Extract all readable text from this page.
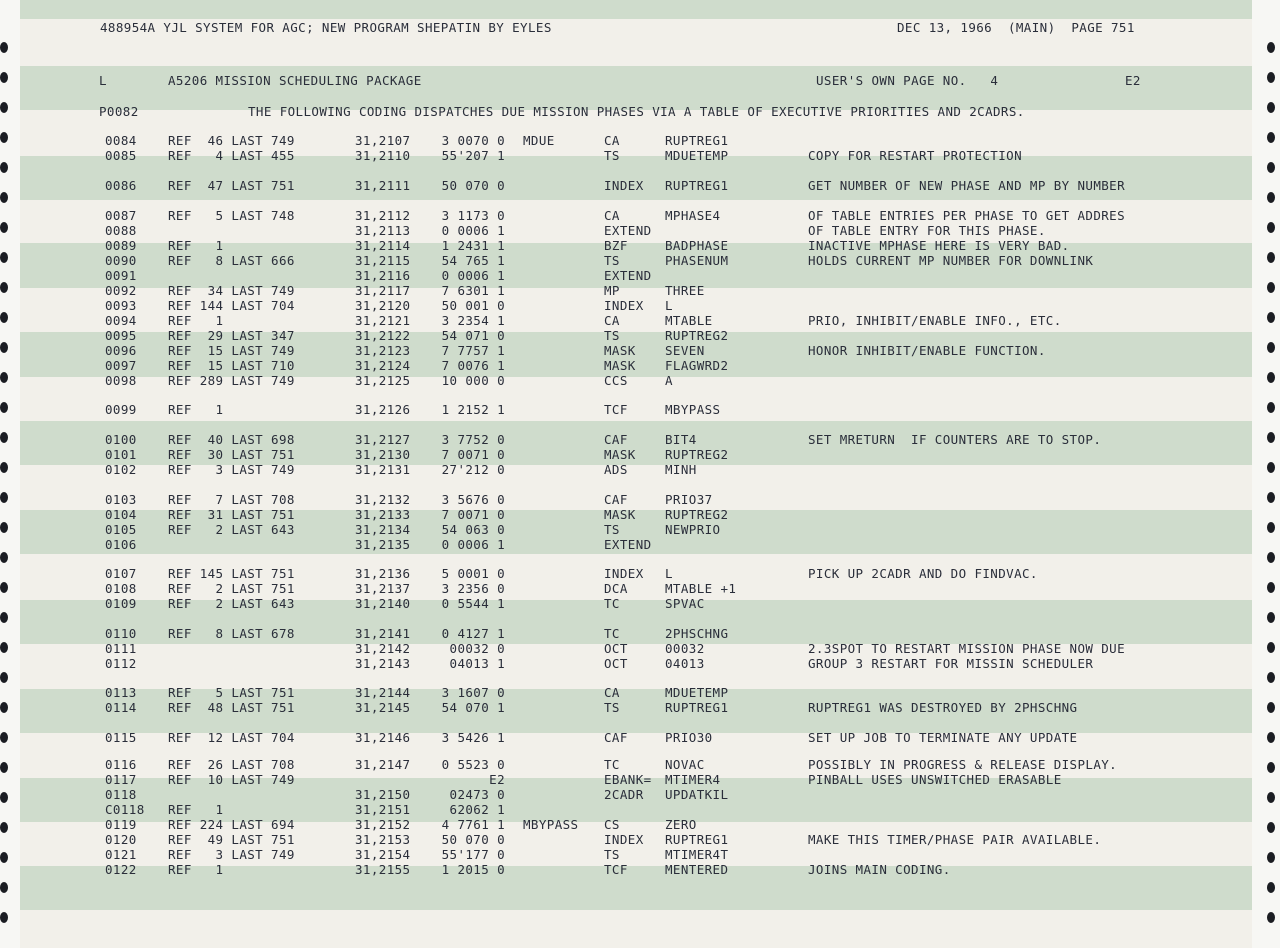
488954A YJL SYSTEM FOR AGC; NEW PROGRAM SHEPATIN BY EYLES	DEC 13, 1966  (MAIN)  PAGE 751
L	A5206 MISSION SCHEDULING PACKAGE	USER'S OWN PAGE NO.   4	E2
P0082	THE FOLLOWING CODING DISPATCHES DUE MISSION PHASES VIA A TABLE OF EXECUTIVE PRIORITIES AND 2CADRS.
0084	REF  46 LAST 749	31,2107 3 0070 0 MDUE	CA	RUPTREG1
0085	REF   4 LAST 455	31,2110 55'207 1	TS	MDUETEMP	COPY FOR RESTART PROTECTION
0086	REF  47 LAST 751	31,2111 50 070 0	INDEX RUPTREG1	GET NUMBER OF NEW PHASE AND MP BY NUMBER
0087	REF   5 LAST 748	31,2112 3 1173 0	CA	MPHASE4	OF TABLE ENTRIES PER PHASE TO GET ADDRES
0088	31,2113 0 0006 1	EXTEND	OF TABLE ENTRY FOR THIS PHASE.
0089	REF   1	31,2114 1 2431 1	BZF	BADPHASE	INACTIVE MPHASE HERE IS VERY BAD.
0090	REF   8 LAST 666	31,2115 54 765 1	TS	PHASENUM	HOLDS CURRENT MP NUMBER FOR DOWNLINK
0091	31,2116 0 0006 1	EXTEND
0092	REF  34 LAST 749	31,2117 7 6301 1	MP	THREE
0093	REF 144 LAST 704	31,2120 50 001 0	INDEX L
0094	REF   1	31,2121 3 2354 1	CA	MTABLE	PRIO, INHIBIT/ENABLE INFO., ETC.
0095	REF  29 LAST 347	31,2122 54 071 0	TS	RUPTREG2
0096	REF  15 LAST 749	31,2123 7 7757 1	MASK SEVEN	HONOR INHIBIT/ENABLE FUNCTION.
0097	REF  15 LAST 710	31,2124 7 0076 1	MASK FLAGWRD2
0098	REF 289 LAST 749	31,2125 10 000 0	CCS	A
0099	REF   1	31,2126 1 2152 1	TCF	MBYPASS
0100	REF  40 LAST 698	31,2127 3 7752 0	CAF	BIT4	SET MRETURN  IF COUNTERS ARE TO STOP.
0101	REF  30 LAST 751	31,2130 7 0071 0	MASK RUPTREG2
0102	REF   3 LAST 749	31,2131 27'212 0	ADS	MINH
0103	REF   7 LAST 708	31,2132 3 5676 0	CAF	PRIO37
0104	REF  31 LAST 751	31,2133 7 0071 0	MASK RUPTREG2
0105	REF   2 LAST 643	31,2134 54 063 0	TS	NEWPRIO
0106	31,2135 0 0006 1	EXTEND
0107	REF 145 LAST 751	31,2136 5 0001 0	INDEX L	PICK UP 2CADR AND DO FINDVAC.
0108	REF   2 LAST 751	31,2137 3 2356 0	DCA	MTABLE +1
0109	REF   2 LAST 643	31,2140 0 5544 1	TC	SPVAC
0110	REF   8 LAST 678	31,2141 0 4127 1	TC	2PHSCHNG
0111	31,2142	00032 0	OCT	00032	2.3SPOT TO RESTART MISSION PHASE NOW DUE
0112	31,2143	04013 1	OCT	04013	GROUP 3 RESTART FOR MISSIN SCHEDULER
0113	REF   5 LAST 751	31,2144 3 1607 0	CA	MDUETEMP
0114	REF  48 LAST 751	31,2145 54 070 1	TS	RUPTREG1	RUPTREG1 WAS DESTROYED BY 2PHSCHNG
0115	REF  12 LAST 704	31,2146 3 5426 1	CAF	PRIO30	SET UP JOB TO TERMINATE ANY UPDATE
0116	REF  26 LAST 708	31,2147 0 5523 0	TC	NOVAC	POSSIBLY IN PROGRESS & RELEASE DISPLAY.
0117	REF  10 LAST 749	E2	EBANK= MTIMER4	PINBALL USES UNSWITCHED ERASABLE
0118	31,2150	02473 0	2CADR UPDATKIL
C0118 REF   1	31,2151	62062 1
0119	REF 224 LAST 694	31,2152 4 7761 1 MBYPASS CS	ZERO
0120	REF  49 LAST 751	31,2153 50 070 0	INDEX RUPTREG1	MAKE THIS TIMER/PHASE PAIR AVAILABLE.
0121	REF   3 LAST 749	31,2154 55'177 0	TS	MTIMER4T
0122	REF   1	31,2155 1 2015 0	TCF	MENTERED	JOINS MAIN CODING.
